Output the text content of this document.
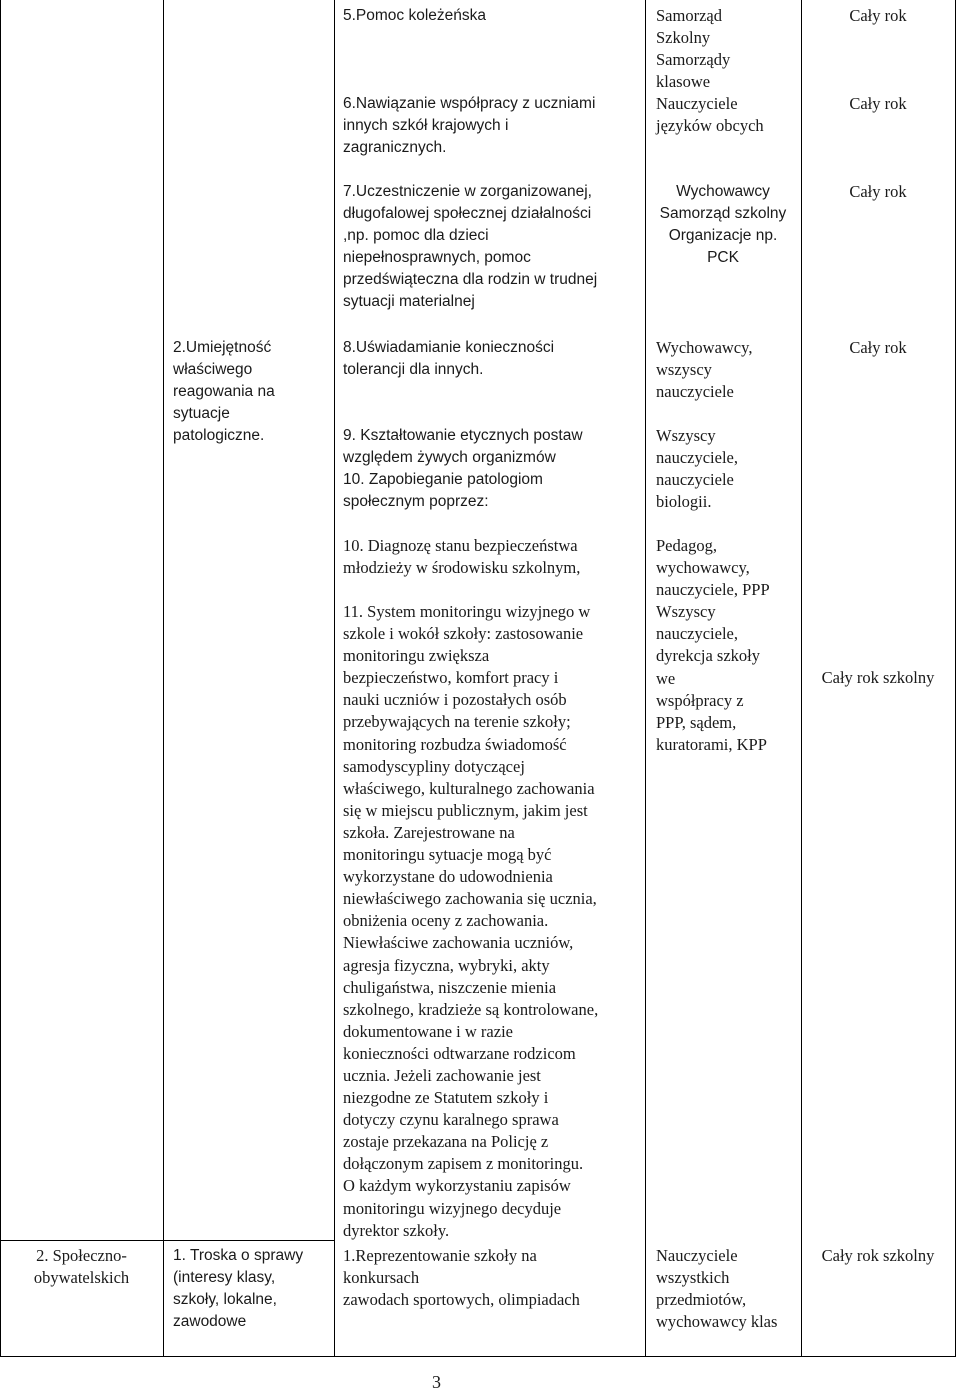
5.Pomoc koleżeńska
6.Nawiązanie współpracy z uczniami
innych szkół krajowych i
zagranicznych.
Samorząd
Szkolny
Samorządy
klasowe
Nauczyciele
języków obcych
Cały rok
Cały rok
7.Uczestniczenie w zorganizowanej,
długofalowej społecznej działalności
,np. pomoc dla dzieci
niepełnosprawnych, pomoc
przedświąteczna dla rodzin w trudnej
sytuacji materialnej
Wychowawcy
Samorząd szkolny
Organizacje np.
PCK
Cały rok
2.Umiejętność
właściwego
reagowania na
sytuacje
patologiczne.
8.Uświadamianie konieczności
tolerancji dla innych.
9. Kształtowanie etycznych postaw
względem żywych organizmów
10. Zapobieganie patologiom
społecznym poprzez:
Wychowawcy,
wszyscy
nauczyciele
Wszyscy
nauczyciele,
nauczyciele
biologii.
Cały rok
10. Diagnozę stanu bezpieczeństwa
młodzieży w środowisku szkolnym,
11. System monitoringu wizyjnego w
szkole i wokół szkoły: zastosowanie
monitoringu zwiększa
bezpieczeństwo, komfort pracy i
nauki uczniów i pozostałych osób
przebywających na terenie szkoły;
monitoring rozbudza świadomość
samodyscypliny dotyczącej
właściwego, kulturalnego zachowania
się w miejscu publicznym, jakim jest
szkoła. Zarejestrowane na
monitoringu sytuacje mogą być
wykorzystane do udowodnienia
niewłaściwego zachowania się ucznia,
obniżenia oceny z zachowania.
Niewłaściwe zachowania uczniów,
agresja fizyczna, wybryki, akty
chuligaństwa, niszczenie mienia
szkolnego, kradzieże są kontrolowane,
dokumentowane i w razie
konieczności odtwarzane rodzicom
ucznia. Jeżeli zachowanie jest
niezgodne ze Statutem szkoły i
dotyczy czynu karalnego sprawa
zostaje przekazana na Policję z
dołączonym zapisem z monitoringu.
O każdym wykorzystaniu zapisów
monitoringu wizyjnego decyduje
dyrektor szkoły.
Pedagog,
wychowawcy,
nauczyciele, PPP
Wszyscy
nauczyciele,
dyrekcja szkoły
we
współpracy z
PPP, sądem,
kuratorami, KPP
Cały rok szkolny
2. Społeczno-
obywatelskich
1. Troska o sprawy
(interesy klasy,
szkoły, lokalne,
zawodowe
1.Reprezentowanie szkoły na
konkursach
zawodach sportowych, olimpiadach
Nauczyciele
wszystkich
przedmiotów,
wychowawcy klas
Cały rok szkolny
3
